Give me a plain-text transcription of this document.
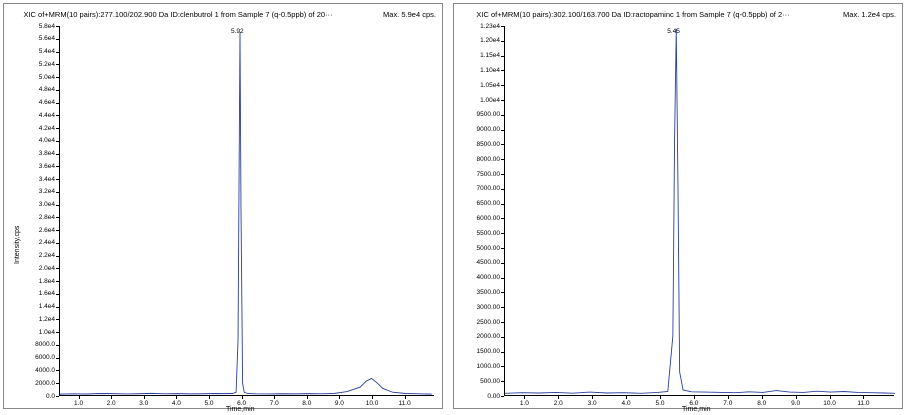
XIC of+MRM(10 pairs):277.100/202.900 Da ID:clenbutrol 1 from Sample 7 (q-0.5ppb) of 20···	Max. 5.9e4 cps.
Intensity,cps
5.92
Time,min
5.8e4
5.6e4
5.4e4
5.2e4
5.0e4
4.8e4
4.6e4
4.4e4
4.2e4
4.0e4
3.8e4
3.6e4
3.4e4
3.2e4
3.0e4
2.8e4
2.6e4
2.4e4
2.2e4
2.0e4
1.8e4
1.6e4
1.4e4
1.2e4
1.0e4
8000.0
6000.0
4000.0
2000.0
0.0
1.0	2.0	3.0	4.0	5.0	6.0	7.0	8.0	9.0	10.0	11.0
XIC of+MRM(10 pairs):302.100/163.700 Da ID:ractopaminc 1 from Sample 7 (q-0.5ppb) of 2···	Max. 1.2e4 cps.
5.45
Time,min
1.23e4
1.20e4
1.15e4
1.10e4
1.05e4
1.00e4
9500.00
9000.00
8500.00
8000.00
7500.00
7000.00
6500.00
6000.00
5500.00
5000.00
4500.00
4000.00
3500.00
3000.00
2500.00
2000.00
1500.00
1000.00
500.00
0.00
1.0	2.0	3.0	4.0	5.0	6.0	7.0	8.0	9.0	10.0	11.0
